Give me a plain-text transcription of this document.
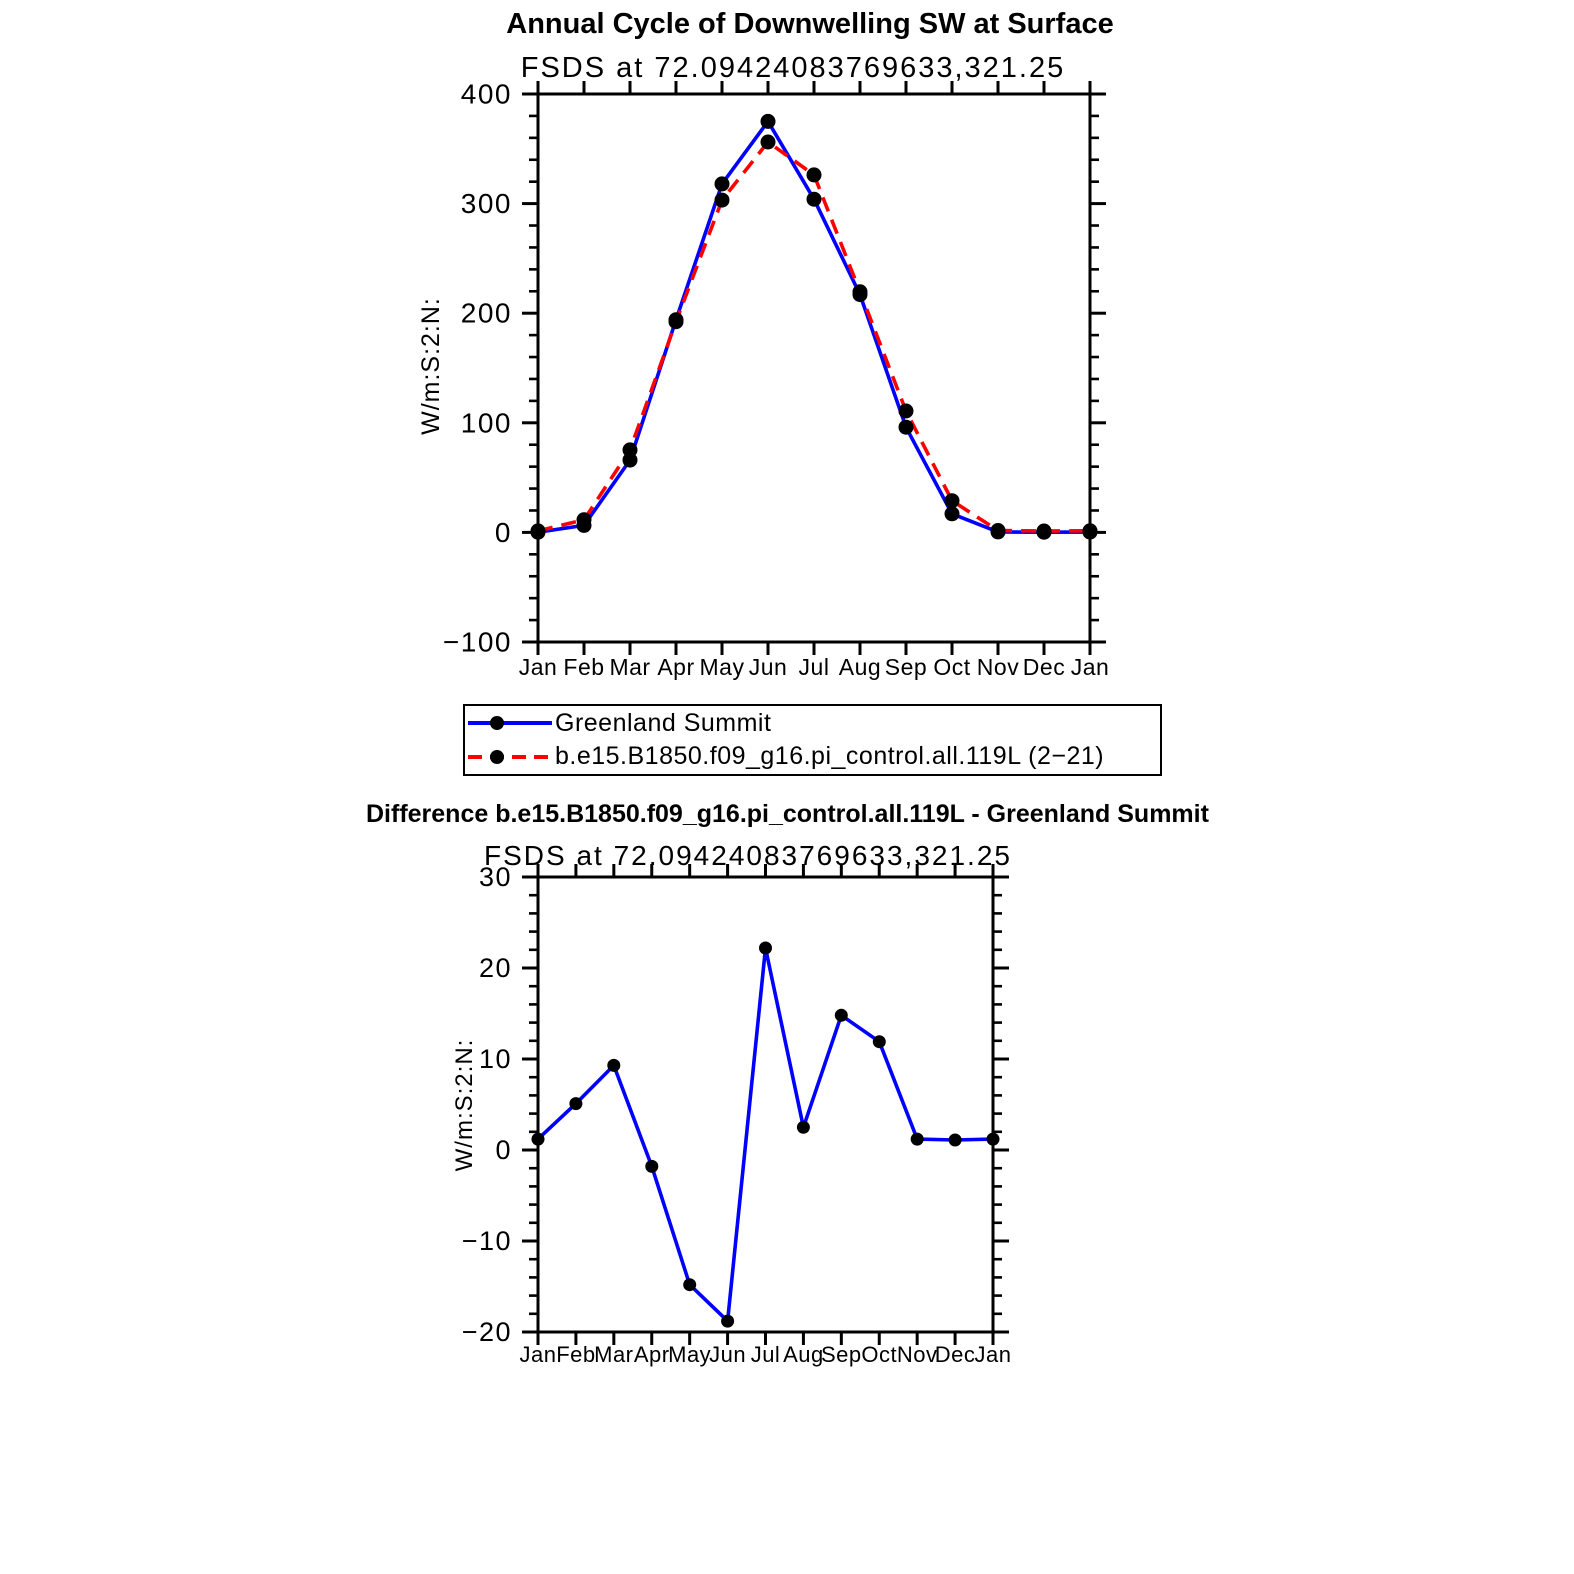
−100
0
100
200
300
400
Jan Feb Mar Apr May Jun Jul Aug Sep Oct Nov Dec Jan
−20
−10
0
10
20
30
Jan Feb
Mar Apr
May
Jun Jul Aug
Sep Oct Nov
Dec Jan
Annual Cycle of Downwelling SW at Surface
FSDS at 72.09424083769633,321.25
W/m:S:2:N:
Greenland Summit
b.e15.B1850.f09_g16.pi_control.all.119L (2−21)
Difference b.e15.B1850.f09_g16.pi_control.all.119L - Greenland Summit
FSDS at 72.09424083769633,321.25
W/m:S:2:N:
